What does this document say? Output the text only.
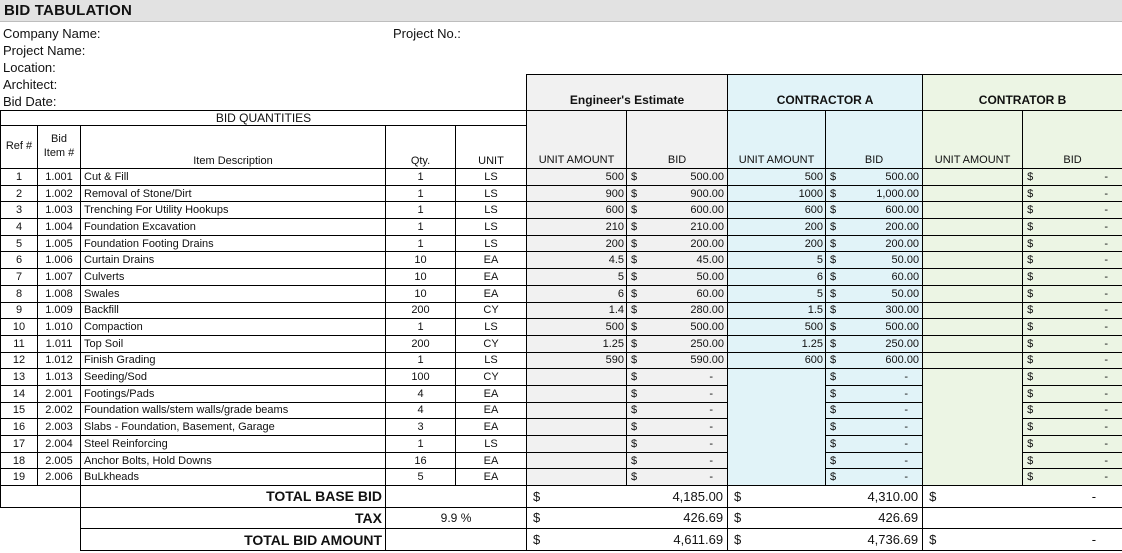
BID TABULATION
Company Name:
Project Name:
Location:
Architect:
Bid Date:
Project No.:
					Engineer's Estimate		CONTRACTOR A		CONTRATOR B	
BID QUANTITIES					UNIT AMOUNT	BID	UNIT AMOUNT	BID	UNIT AMOUNT	BID
Ref #	Bid
Item #	Item Description	Qty.	UNIT						
1	1.001	Cut & Fill	1	LS	500	$ 500.00	500	$ 500.00		$ -

2	1.002	Removal of Stone/Dirt	1	LS	900	$ 900.00	1000	$ 1,000.00		$ -

3	1.003	Trenching For Utility Hookups	1	LS	600	$ 600.00	600	$ 600.00		$ -

4	1.004	Foundation Excavation	1	LS	210	$ 210.00	200	$ 200.00		$ -

5	1.005	Foundation Footing Drains	1	LS	200	$ 200.00	200	$ 200.00		$ -

6	1.006	Curtain Drains	10	EA	4.5	$ 45.00	5	$ 50.00		$ -

7	1.007	Culverts	10	EA	5	$ 50.00	6	$ 60.00		$ -

8	1.008	Swales	10	EA	6	$ 60.00	5	$ 50.00		$ -

9	1.009	Backfill	200	CY	1.4	$ 280.00	1.5	$ 300.00		$ -

10	1.010	Compaction	1	LS	500	$ 500.00	500	$ 500.00		$ -

11	1.011	Top Soil	200	CY	1.25	$ 250.00	1.25	$ 250.00		$ -

12	1.012	Finish Grading	1	LS	590	$ 590.00	600	$ 600.00		$ -

13	1.013	Seeding/Sod	100	CY		$ -		$ -		$ -

14	2.001	Footings/Pads	4	EA		$ -		$ -		$ -

15	2.002	Foundation walls/stem walls/grade beams	4	EA		$ -		$ -		$ -

16	2.003	Slabs - Foundation, Basement, Garage	3	EA		$ -		$ -		$ -

17	2.004	Steel Reinforcing	1	LS		$ -		$ -		$ -

18	2.005	Anchor Bolts, Hold Downs	16	EA		$ -		$ -		$ -

19	2.006	BuLkheads	5	EA		$ -		$ -		$ -

		TOTAL BASE BID			$ 4,185.00		$ 4,310.00		$ -	

		TAX	9.9 %		$ 426.69		$ 426.69			

		TOTAL BID AMOUNT			$ 4,611.69		$ 4,736.69		$ -	
